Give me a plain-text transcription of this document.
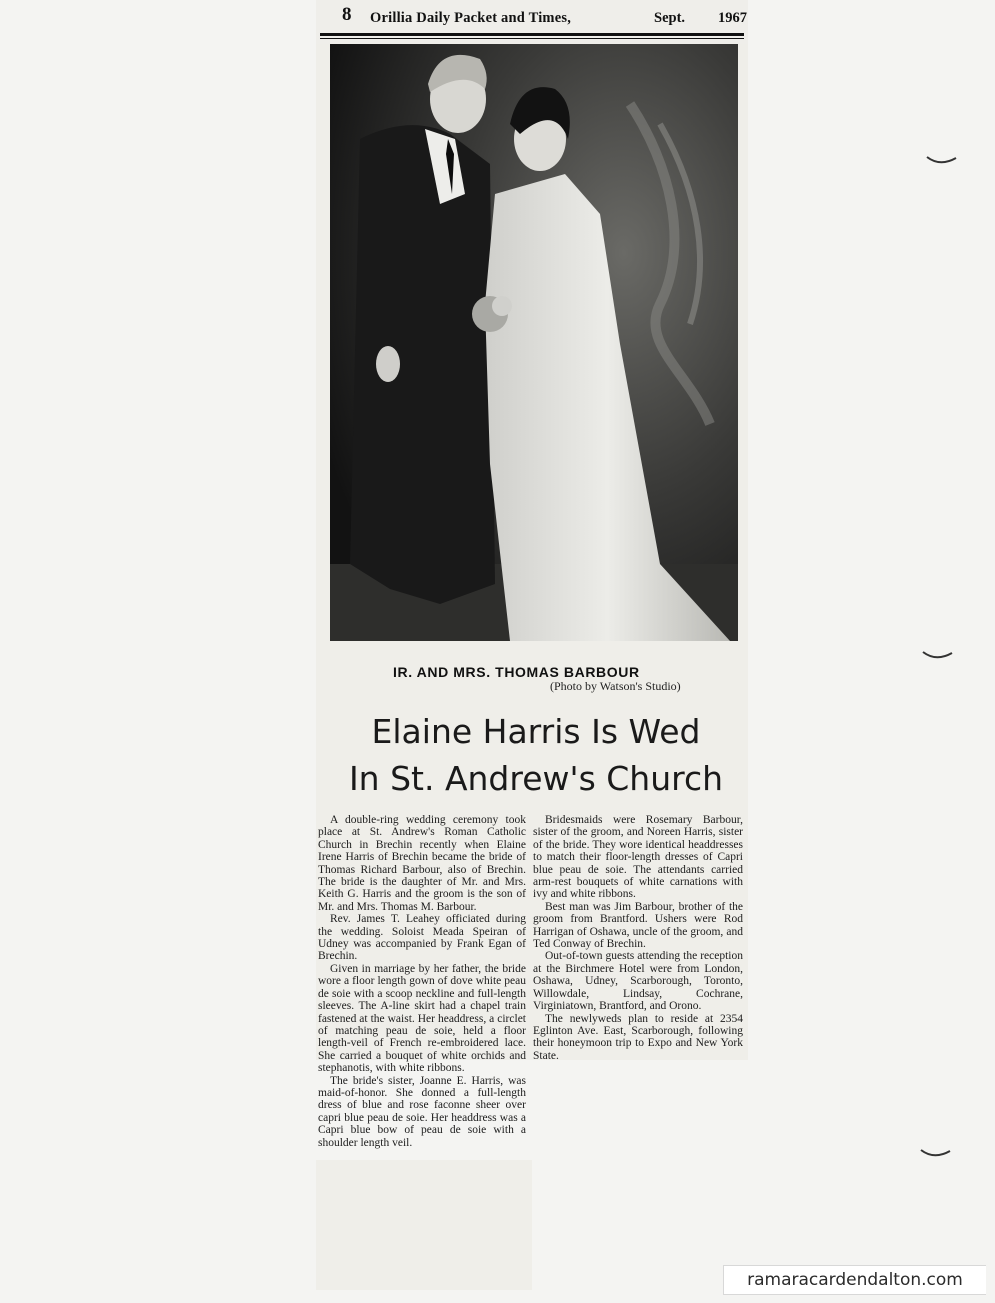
8 Orillia Daily Packet and Times,	Sept. 1967
IR. AND MRS. THOMAS BARBOUR
(Photo by Watson's Studio)
Elaine Harris Is Wed
In St. Andrew's Church

A double-ring wedding ceremony took place at St. Andrew's Roman Catholic Church in Brechin recently when Elaine Irene Harris of Brechin became the bride of Thomas Richard Barbour, also of Brechin. The bride is the daughter of Mr. and Mrs. Keith G. Harris and the groom is the son of Mr. and Mrs. Thomas M. Barbour.

Rev. James T. Leahey officiated during the wedding. Soloist Meada Speiran of Udney was accompanied by Frank Egan of Brechin.

Given in marriage by her father, the bride wore a floor length gown of dove white peau de soie with a scoop neckline and full-length sleeves. The A-line skirt had a chapel train fastened at the waist. Her headdress, a circlet of matching peau de soie, held a floor length-veil of French re-embroidered lace. She carried a bouquet of white orchids and stephanotis, with white ribbons.

The bride's sister, Joanne E. Harris, was maid-of-honor. She donned a full-length dress of blue and rose faconne sheer over capri blue peau de soie. Her headdress was a Capri blue bow of peau de soie with a shoulder length veil.

Bridesmaids were Rosemary Barbour, sister of the groom, and Noreen Harris, sister of the bride. They wore identical headdresses to match their floor-length dresses of Capri blue peau de soie. The attendants carried arm-rest bouquets of white carnations with ivy and white ribbons.

Best man was Jim Barbour, brother of the groom from Brantford. Ushers were Rod Harrigan of Oshawa, uncle of the groom, and Ted Conway of Brechin.

Out-of-town guests attending the reception at the Birchmere Hotel were from London, Oshawa, Udney, Scarborough, Toronto, Willowdale, Lindsay, Cochrane, Virginiatown, Brantford, and Orono.

The newlyweds plan to reside at 2354 Eglinton Ave. East, Scarborough, following their honeymoon trip to Expo and New York State.

ramaracardendalton.com
